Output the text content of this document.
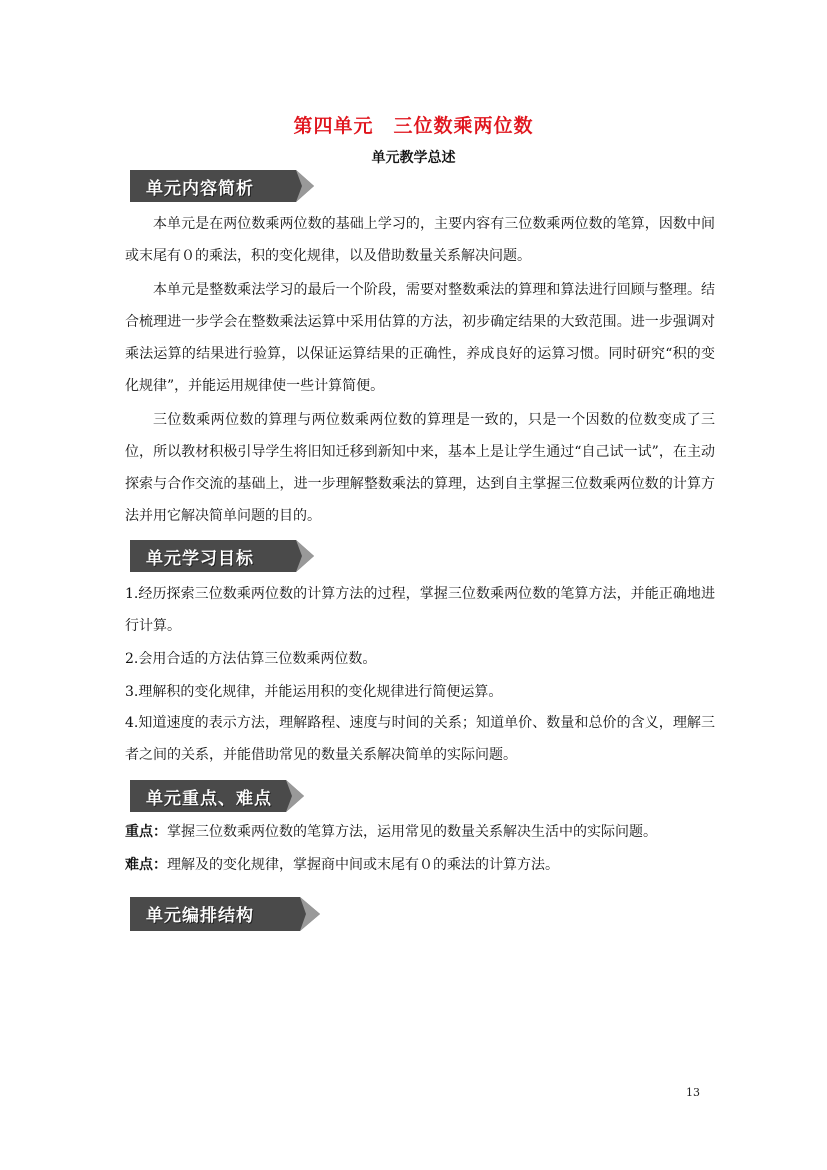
第四单元　三位数乘两位数
单元教学总述
单元内容简析
本单元是在两位数乘两位数的基础上学习的，主要内容有三位数乘两位数的笔算，因数中间或末尾有０的乘法，积的变化规律，以及借助数量关系解决问题。
本单元是整数乘法学习的最后一个阶段，需要对整数乘法的算理和算法进行回顾与整理。结合梳理进一步学会在整数乘法运算中采用估算的方法，初步确定结果的大致范围。进一步强调对乘法运算的结果进行验算，以保证运算结果的正确性，养成良好的运算习惯。同时研究“积的变化规律”，并能运用规律使一些计算简便。
三位数乘两位数的算理与两位数乘两位数的算理是一致的，只是一个因数的位数变成了三位，所以教材积极引导学生将旧知迁移到新知中来，基本上是让学生通过“自己试一试”，在主动探索与合作交流的基础上，进一步理解整数乘法的算理，达到自主掌握三位数乘两位数的计算方法并用它解决简单问题的目的。
单元学习目标
1.经历探索三位数乘两位数的计算方法的过程，掌握三位数乘两位数的笔算方法，并能正确地进行计算。
2.会用合适的方法估算三位数乘两位数。
3.理解积的变化规律，并能运用积的变化规律进行简便运算。
4.知道速度的表示方法，理解路程、速度与时间的关系；知道单价、数量和总价的含义，理解三者之间的关系，并能借助常见的数量关系解决简单的实际问题。
单元重点、难点
重点：掌握三位数乘两位数的笔算方法，运用常见的数量关系解决生活中的实际问题。
难点：理解及的变化规律，掌握商中间或末尾有０的乘法的计算方法。
单元编排结构
13
